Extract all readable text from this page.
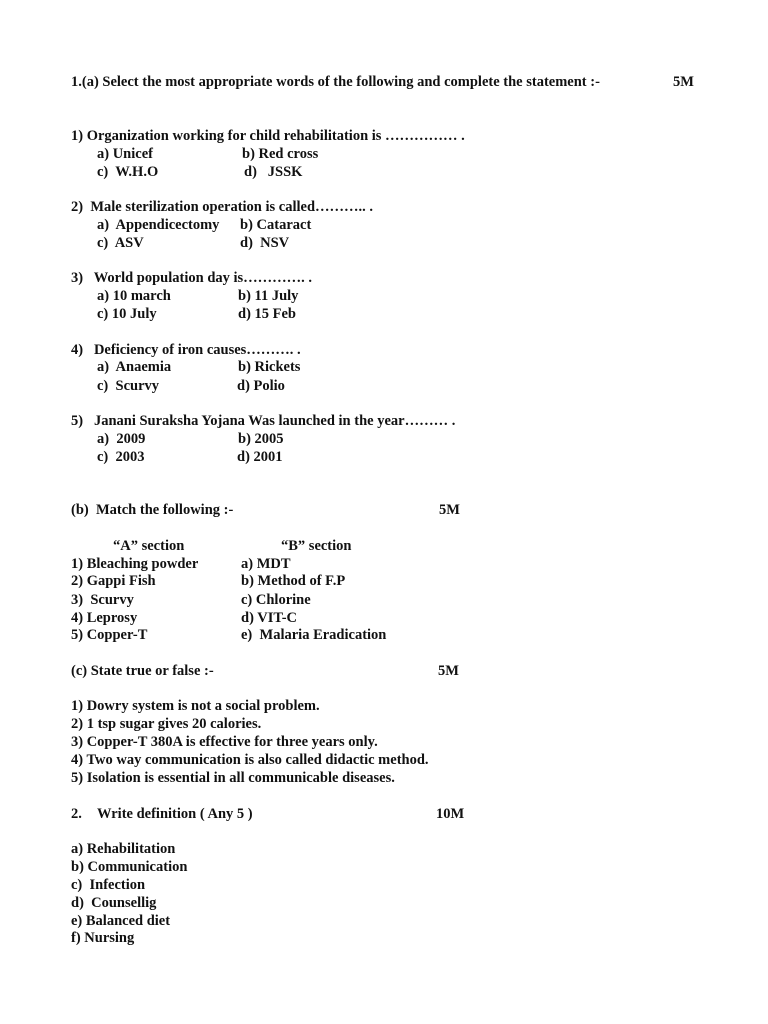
1.(a) Select the most appropriate words of the following and complete the statement :-	5M
1) Organization working for child rehabilitation is …………… .
a) Unicef	b) Red cross
c)  W.H.O	d)   JSSK
2)  Male sterilization operation is called……….. .
a)  Appendicectomy b) Cataract
c)  ASV	d)  NSV
3)   World population day is…………. .
a) 10 march	b) 11 July
c) 10 July	d) 15 Feb
4)   Deficiency of iron causes………. .
a)  Anaemia	b) Rickets
c)  Scurvy	d) Polio
5)   Janani Suraksha Yojana Was launched in the year……… .
a)  2009	b) 2005
c)  2003	d) 2001
(b)  Match the following :-	5M
“A” section	“B” section
1) Bleaching powder	a) MDT
2) Gappi Fish	b) Method of F.P
3)  Scurvy	c) Chlorine
4) Leprosy	d) VIT-C
5) Copper-T	e)  Malaria Eradication
(c) State true or false :-	5M
1) Dowry system is not a social problem.
2) 1 tsp sugar gives 20 calories.
3) Copper-T 380A is effective for three years only.
4) Two way communication is also called didactic method.
5) Isolation is essential in all communicable diseases.
2. Write definition ( Any 5 )	10M
a) Rehabilitation
b) Communication
c)  Infection
d)  Counsellig
e) Balanced diet
f) Nursing
